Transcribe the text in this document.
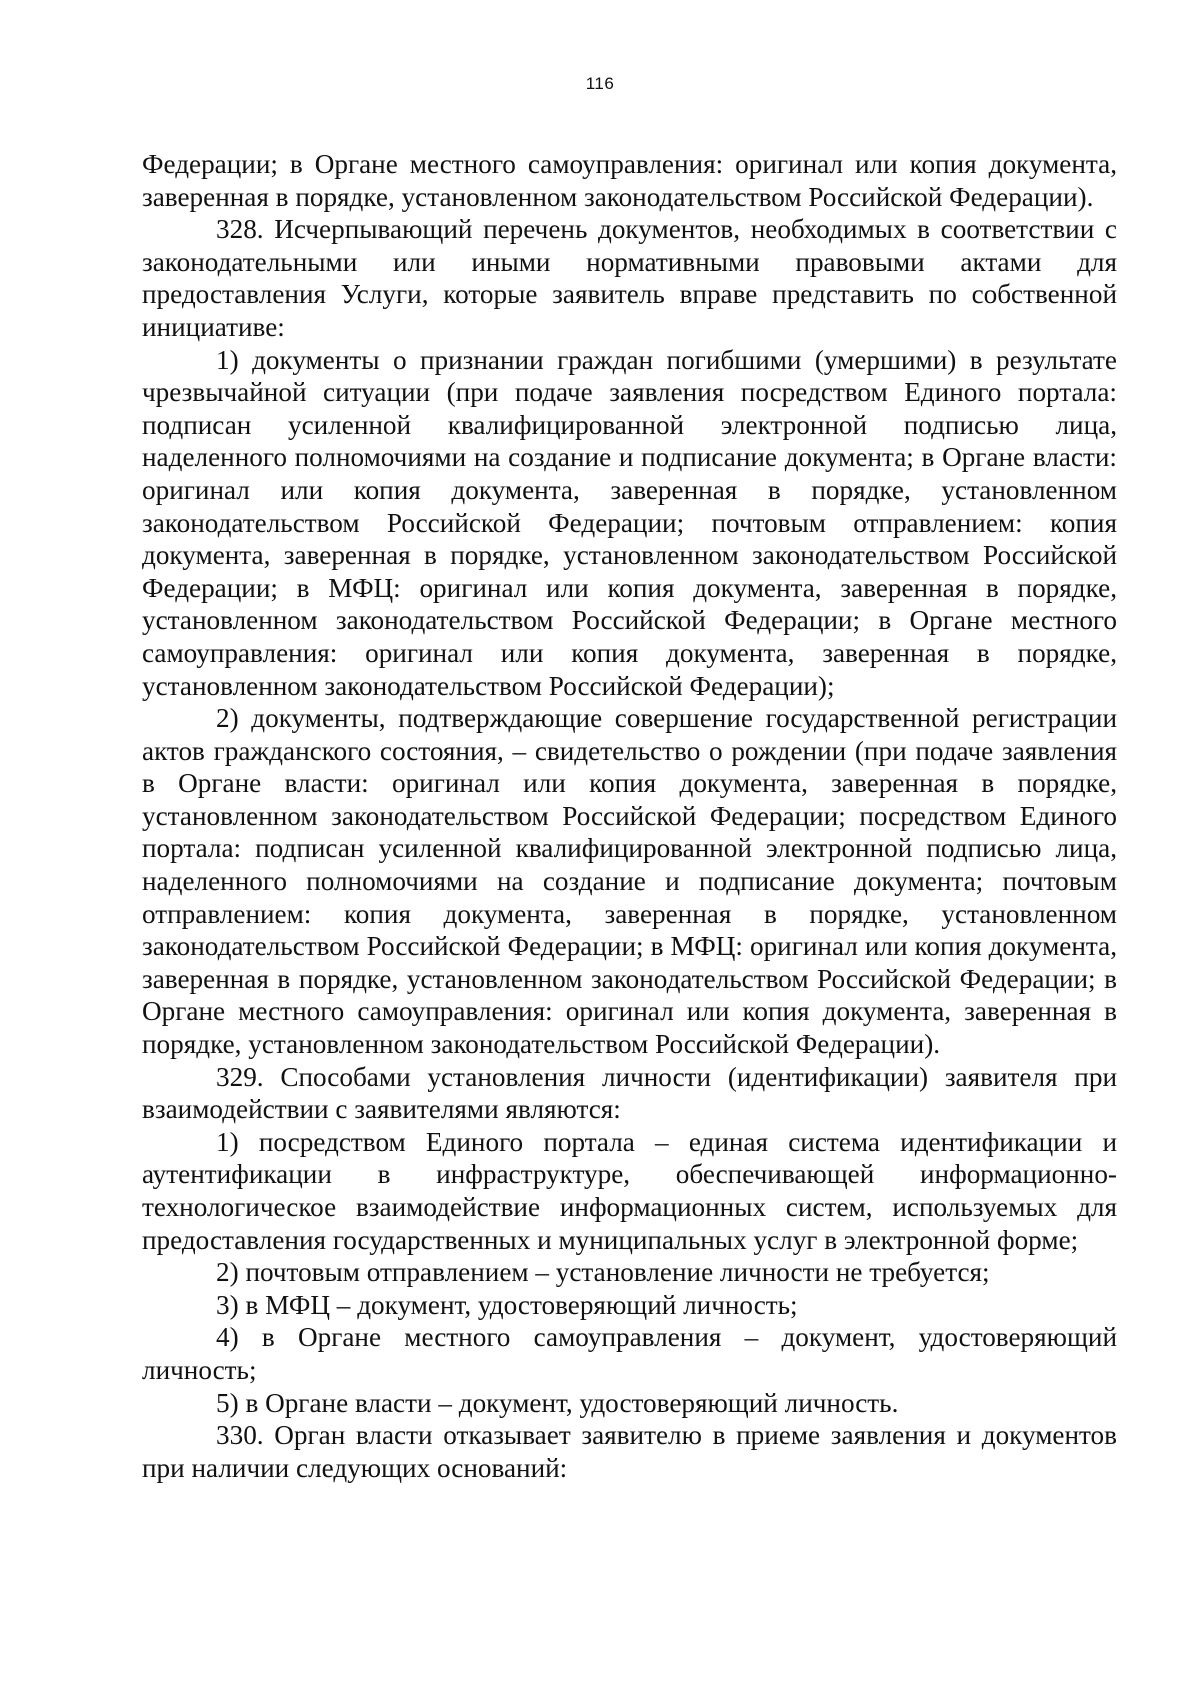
116

Федерации; в Органе местного самоуправления: оригинал или копия документа, заверенная в порядке, установленном законодательством Российской Федерации).

328. Исчерпывающий перечень документов, необходимых в соответствии с законодательными или иными нормативными правовыми актами для предоставления Услуги, которые заявитель вправе представить по собственной инициативе:

1) документы о признании граждан погибшими (умершими) в результате чрезвычайной ситуации (при подаче заявления посредством Единого портала: подписан усиленной квалифицированной электронной подписью лица, наделенного полномочиями на создание и подписание документа; в Органе власти: оригинал или копия документа, заверенная в порядке, установленном законодательством Российской Федерации; почтовым отправлением: копия документа, заверенная в порядке, установленном законодательством Российской Федерации; в МФЦ: оригинал или копия документа, заверенная в порядке, установленном законодательством Российской Федерации; в Органе местного самоуправления: оригинал или копия документа, заверенная в порядке, установленном законодательством Российской Федерации);

2) документы, подтверждающие совершение государственной регистрации актов гражданского состояния, – свидетельство о рождении (при подаче заявления в Органе власти: оригинал или копия документа, заверенная в порядке, установленном законодательством Российской Федерации; посредством Единого портала: подписан усиленной квалифицированной электронной подписью лица, наделенного полномочиями на создание и подписание документа; почтовым отправлением: копия документа, заверенная в порядке, установленном законодательством Российской Федерации; в МФЦ: оригинал или копия документа, заверенная в порядке, установленном законодательством Российской Федерации; в Органе местного самоуправления: оригинал или копия документа, заверенная в порядке, установленном законодательством Российской Федерации).

329. Способами установления личности (идентификации) заявителя при взаимодействии с заявителями являются:

1) посредством Единого портала – единая система идентификации и аутентификации в инфраструктуре, обеспечивающей информационно-технологическое взаимодействие информационных систем, используемых для предоставления государственных и муниципальных услуг в электронной форме;

2) почтовым отправлением – установление личности не требуется;

3) в МФЦ – документ, удостоверяющий личность;

4) в Органе местного самоуправления – документ, удостоверяющий личность;

5) в Органе власти – документ, удостоверяющий личность.

330. Орган власти отказывает заявителю в приеме заявления и документов при наличии следующих оснований:
